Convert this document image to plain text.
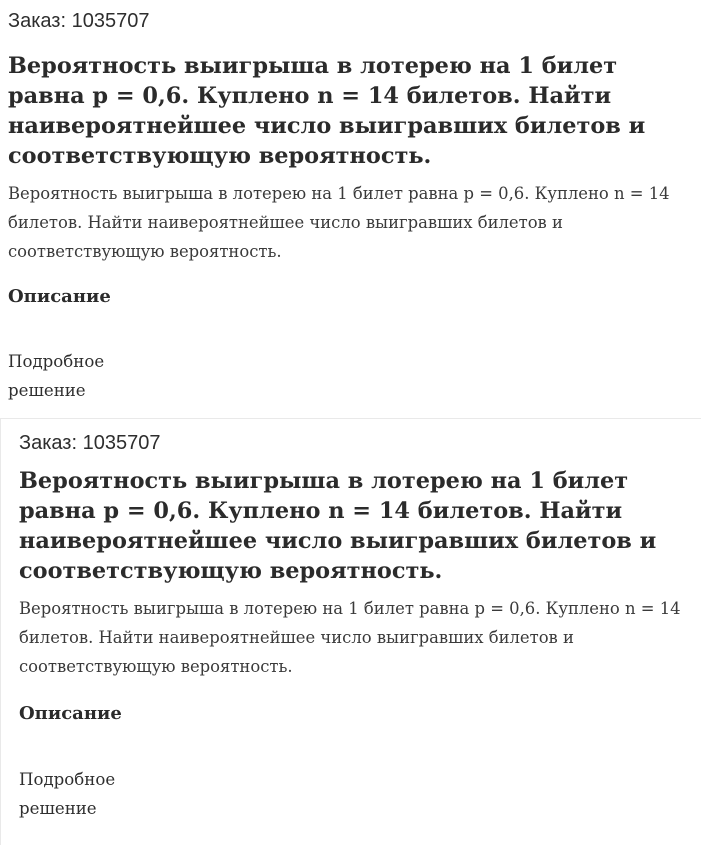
Заказ: 1035707
Вероятность выигрыша в лотерею на 1 билет равна p = 0,6. Куплено n = 14 билетов. Найти наивероятнейшее число выигравших билетов и соответствующую вероятность.
Вероятность выигрыша в лотерею на 1 билет равна p = 0,6. Куплено n = 14 билетов. Найти наивероятнейшее число выигравших билетов и соответствующую вероятность.
Описание
Подробное решение
Заказ: 1035707
Вероятность выигрыша в лотерею на 1 билет равна p = 0,6. Куплено n = 14 билетов. Найти наивероятнейшее число выигравших билетов и соответствующую вероятность.
Вероятность выигрыша в лотерею на 1 билет равна p = 0,6. Куплено n = 14 билетов. Найти наивероятнейшее число выигравших билетов и соответствующую вероятность.
Описание
Подробное решение
